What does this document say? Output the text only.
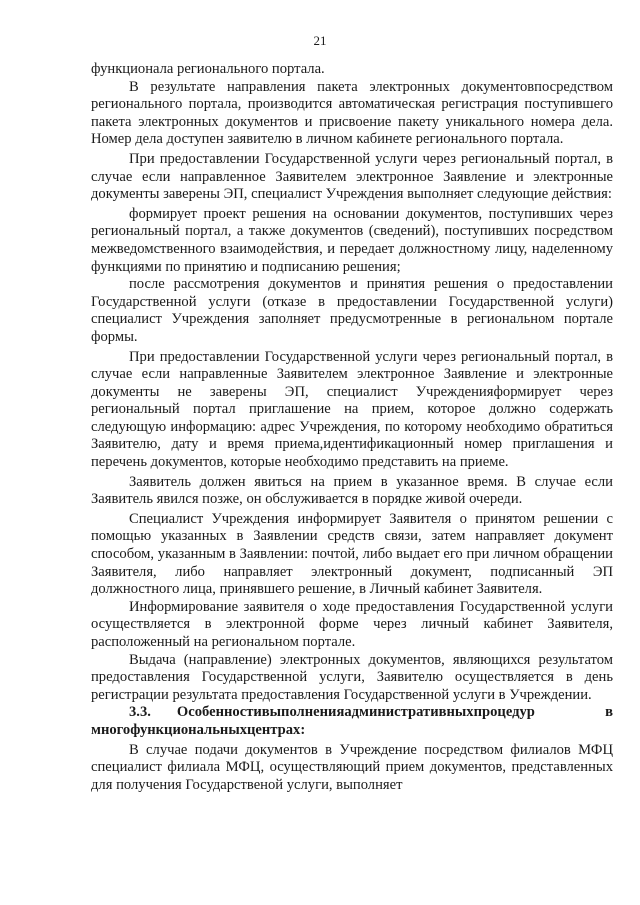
21

функционала регионального портала.

В результате направления пакета электронных документовпосредством регионального портала, производится автоматическая регистрация поступившего пакета электронных документов и присвоение пакету уникального номера дела. Номер дела доступен заявителю в личном кабинете регионального портала.

При предоставлении Государственной услуги через региональный портал, в случае если направленное Заявителем электронное Заявление и электронные документы заверены ЭП, специалист Учреждения выполняет следующие действия:

формирует проект решения на основании документов, поступивших через региональный портал, а также документов (сведений), поступивших посредством межведомственного взаимодействия, и передает должностному лицу, наделенному функциями по принятию и подписанию решения;

после рассмотрения документов и принятия решения о предоставлении Государственной услуги (отказе в предоставлении Государственной услуги) специалист Учреждения заполняет предусмотренные в региональном портале формы.

При предоставлении Государственной услуги через региональный портал, в случае если направленные Заявителем электронное Заявление и электронные документы не заверены ЭП, специалист Учрежденияформирует через региональный портал приглашение на прием, которое должно содержать следующую информацию: адрес Учреждения, по которому необходимо обратиться Заявителю, дату и время приема,идентификационный номер приглашения и перечень документов, которые необходимо представить на приеме.

Заявитель должен явиться на прием в указанное время. В случае если Заявитель явился позже, он обслуживается в порядке живой очереди.

Специалист Учреждения информирует Заявителя о принятом решении с помощью указанных в Заявлении средств связи, затем направляет документ способом, указанным в Заявлении: почтой, либо выдает его при личном обращении Заявителя, либо направляет электронный документ, подписанный ЭП должностного лица, принявшего решение, в Личный кабинет Заявителя.

Информирование заявителя о ходе предоставления Государственной услуги осуществляется в электронной форме через личный кабинет Заявителя, расположенный на региональном портале.

Выдача (направление) электронных документов, являющихся результатом предоставления Государственной услуги, Заявителю осуществляется в день регистрации результата предоставления Государственной услуги в Учреждении.

3.3. Особенностивыполненияадминистративныхпроцедур в многофункциональныхцентрах:

В случае подачи документов в Учреждение посредством филиалов МФЦ специалист филиала МФЦ, осуществляющий прием документов, представленных для получения Государственой услуги, выполняет
